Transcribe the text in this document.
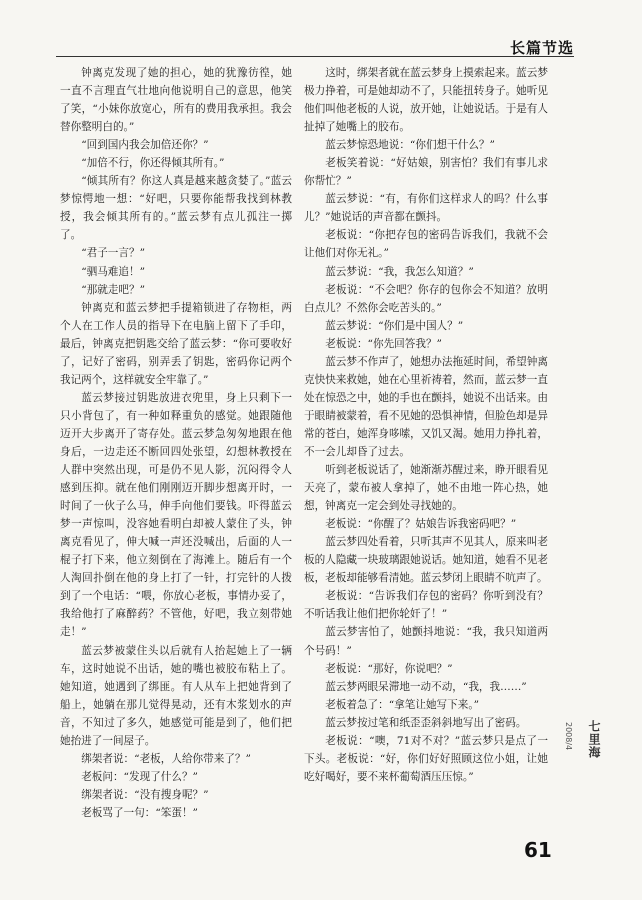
长篇节选

钟离克发现了她的担心，她的犹豫彷徨，她一直不言理直气壮地向他说明自己的意思，他笑了笑，“小妹你放宽心，所有的费用我承担。我会替你整明白的。”

“回到国内我会加倍还你？”

“加倍不行，你还得倾其所有。”

“倾其所有？你这人真是越来越贪婪了。”蓝云梦惊愕地一想：“好吧，只要你能帮我找到林教授，我会倾其所有的。”蓝云梦有点儿孤注一掷了。

“君子一言？”

“驷马难追！”

“那就走吧？”

钟离克和蓝云梦把手提箱锁进了存物柜，两个人在工作人员的指导下在电脑上留下了手印，最后，钟离克把钥匙交给了蓝云梦：“你可要收好了，记好了密码，别弄丢了钥匙，密码你记两个我记两个，这样就安全牢靠了。”

蓝云梦接过钥匙放进衣兜里，身上只剩下一只小背包了，有一种如释重负的感觉。她跟随他迈开大步离开了寄存处。蓝云梦急匆匆地跟在他身后，一边走还不断回四处张望，幻想林教授在人群中突然出现，可是仍不见人影，沉闷得令人感到压抑。就在他们刚刚迈开脚步想离开时，一时间了一伙子么马，伸手向他们要钱。吓得蓝云梦一声惊叫，没容她看明白却被人蒙住了头，钟离克看见了，伸大喊一声还没喊出，后面的人一棍子打下来，他立刻倒在了海滩上。随后有一个人淘回扑倒在他的身上打了一针，打完针的人拨到了一个电话：“喂，你放心老板，事情办妥了，我给他打了麻醉药？不管他，好吧，我立刻带她走！”

蓝云梦被蒙住头以后就有人抬起她上了一辆车，这时她说不出话，她的嘴也被胶布粘上了。她知道，她遇到了绑匪。有人从车上把她背到了船上，她躺在那儿觉得晃动，还有木浆划水的声音，不知过了多久，她感觉可能是到了，他们把她抬进了一间屋子。

绑架者说：“老板，人给你带来了？”

老板问：“发现了什么？”

绑架者说：“没有搜身呢？”

老板骂了一句：“笨蛋！”

这时，绑架者就在蓝云梦身上摸索起来。蓝云梦极力挣着，可是她却动不了，只能扭转身子。她听见他们叫他老板的人说，放开她，让她说话。于是有人扯掉了她嘴上的胶布。

蓝云梦惊恐地说：“你们想干什么？”

老板笑着说：“好姑娘，别害怕？我们有事儿求你帮忙？”

蓝云梦说：“有，有你们这样求人的吗？什么事儿？”她说话的声音都在颤抖。

老板说：“你把存包的密码告诉我们，我就不会让他们对你无礼。”

蓝云梦说：“我，我怎么知道？”

老板说：“不会吧？你存的包你会不知道？放明白点儿？不然你会吃苦头的。”

蓝云梦说：“你们是中国人？”

老板说：“你先回答我？”

蓝云梦不作声了，她想办法拖延时间，希望钟离克快快来救她，她在心里祈祷着，然而，蓝云梦一直处在惊恐之中，她的手也在颤抖，她说不出话来。由于眼睛被蒙着，看不见她的恐惧神情，但脸色却是异常的苍白，她浑身哆嗦，又饥又渴。她用力挣扎着，不一会儿却昏了过去。

听到老板说话了，她渐渐苏醒过来，睁开眼看见天亮了，蒙布被人拿掉了，她不由地一阵心热，她想，钟离克一定会到处寻找她的。

老板说：“你醒了？姑娘告诉我密码吧？”

蓝云梦四处看着，只听其声不见其人，原来叫老板的人隐藏一块玻璃跟她说话。她知道，她看不见老板，老板却能够看清她。蓝云梦闭上眼睛不吭声了。

老板说：“告诉我们存包的密码？你听到没有？不听话我让他们把你轮奸了！”

蓝云梦害怕了，她颤抖地说：“我，我只知道两个号码！”

老板说：“那好，你说吧？”

蓝云梦两眼呆滞地一动不动，“我，我……”

老板着急了：“拿笔让她写下来。”

蓝云梦按过笔和纸歪歪斜斜地写出了密码。

老板说：“噢，71对不对？”蓝云梦只是点了一下头。老板说：“好，你们好好照顾这位小姐，让她吃好喝好，要不来杯葡萄酒压压惊。”

2008/4 七里海
61
